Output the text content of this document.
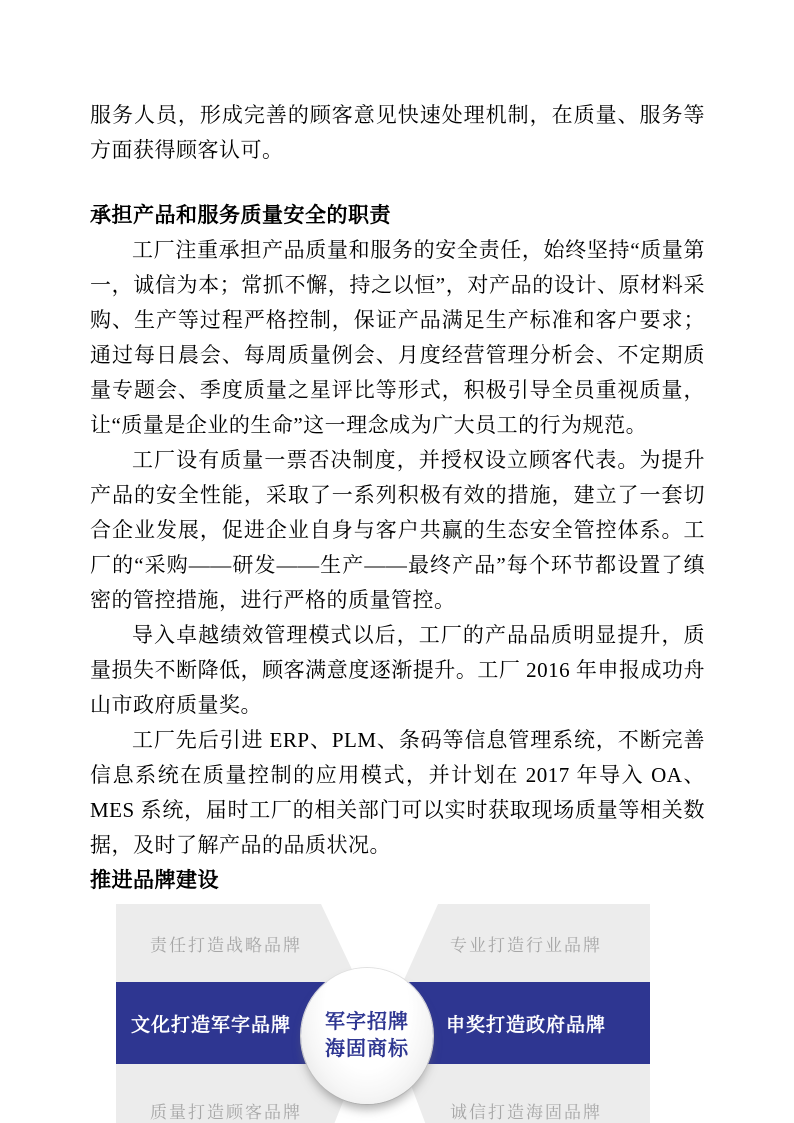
服务人员，形成完善的顾客意见快速处理机制，在质量、服务等方面获得顾客认可。

承担产品和服务质量安全的职责

工厂注重承担产品质量和服务的安全责任，始终坚持“质量第一，诚信为本；常抓不懈，持之以恒”，对产品的设计、原材料采购、生产等过程严格控制，保证产品满足生产标准和客户要求；通过每日晨会、每周质量例会、月度经营管理分析会、不定期质量专题会、季度质量之星评比等形式，积极引导全员重视质量，让“质量是企业的生命”这一理念成为广大员工的行为规范。

工厂设有质量一票否决制度，并授权设立顾客代表。为提升产品的安全性能，采取了一系列积极有效的措施，建立了一套切合企业发展，促进企业自身与客户共赢的生态安全管控体系。工厂的“采购——研发——生产——最终产品”每个环节都设置了缜密的管控措施，进行严格的质量管控。

导入卓越绩效管理模式以后，工厂的产品品质明显提升，质量损失不断降低，顾客满意度逐渐提升。工厂 2016 年申报成功舟山市政府质量奖。

工厂先后引进 ERP、PLM、条码等信息管理系统，不断完善信息系统在质量控制的应用模式，并计划在 2017 年导入 OA、MES 系统，届时工厂的相关部门可以实时获取现场质量等相关数据，及时了解产品的品质状况。

推进品牌建设
责任打造战略品牌	专业打造行业品牌
文化打造军字品牌	申奖打造政府品牌
质量打造顾客品牌	诚信打造海固品牌
军字招牌
海固商标
